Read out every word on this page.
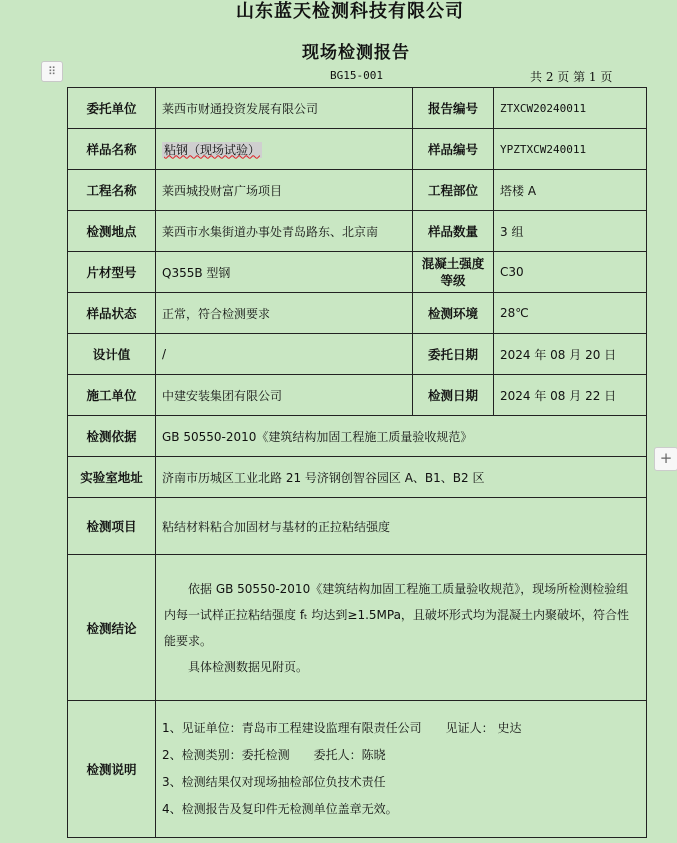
山东蓝天检测科技有限公司
现场检测报告
⠿	BG15-001	共 2 页 第 1 页
委托单位	莱西市财通投资发展有限公司	报告编号	ZTXCW20240011
样品名称	粘钢（现场试验）	样品编号	YPZTXCW240011
工程名称	莱西城投财富广场项目	工程部位	塔楼 A
检测地点	莱西市水集街道办事处青岛路东、北京南	样品数量	3 组
片材型号	Q355B 型钢	混凝土强度等级	C30
样品状态	正常，符合检测要求	检测环境	28℃
设计值	/	委托日期	2024 年 08 月 20 日
施工单位	中建安装集团有限公司	检测日期	2024 年 08 月 22 日
检测依据	GB 50550-2010《建筑结构加固工程施工质量验收规范》		
实验室地址	济南市历城区工业北路 21 号济钢创智谷园区 A、B1、B2 区		
检测项目	粘结材料粘合加固材与基材的正拉粘结强度		
检测结论	依据 GB 50550-2010《建筑结构加固工程施工质量验收规范》，现场所检测检验组内每一试样正拉粘结强度 fₜ 均达到≥1.5MPa，且破坏形式均为混凝土内聚破坏，符合性能要求。

具体检测数据见附页。		

检测说明	1、见证单位：青岛市工程建设监理有限责任公司　　见证人： 史达

2、检测类别：委托检测　　委托人：陈晓

3、检测结果仅对现场抽检部位负技术责任

4、检测报告及复印件无检测单位盖章无效。		

+
